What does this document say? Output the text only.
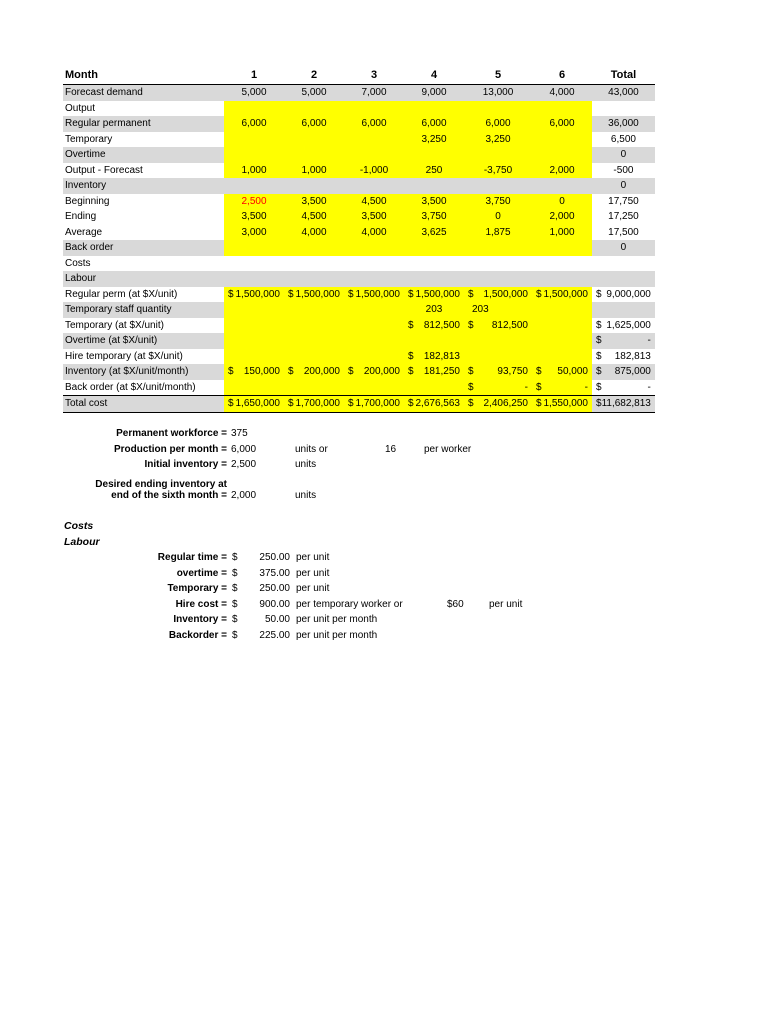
Month	1	2	3	4	5	6	Total
Forecast demand	5,000	5,000	7,000	9,000	13,000	4,000	43,000
Output							
Regular permanent	6,000	6,000	6,000	6,000	6,000	6,000	36,000
Temporary				3,250	3,250		6,500
Overtime							0
Output - Forecast	1,000	1,000	-1,000	250	-3,750	2,000	-500
Inventory							0
Beginning	2,500	3,500	4,500	3,500	3,750	0	17,750
Ending	3,500	4,500	3,500	3,750	0	2,000	17,250
Average	3,000	4,000	4,000	3,625	1,875	1,000	17,500
Back order							0
Costs							
Labour							
Regular perm (at $X/unit)	$ 1,500,000	$ 1,500,000	$ 1,500,000	$ 1,500,000	$ 1,500,000	$ 1,500,000	$ 9,000,000

Temporary staff quantity				203	203		
Temporary (at $X/unit)				$ 812,500	$ 812,500		$ 1,625,000

Overtime (at $X/unit)							$ -

Hire temporary (at $X/unit)				$ 182,813			$ 182,813

Inventory (at $X/unit/month)	$ 150,000	$ 200,000	$ 200,000	$ 181,250	$ 93,750	$ 50,000	$ 875,000

Back order (at $X/unit/month)					$ -	$ -	$ -

Total cost	$ 1,650,000	$ 1,700,000	$ 1,700,000	$ 2,676,563	$ 2,406,250	$ 1,550,000	$ 11,682,813
Permanent workforce = 375
Production per month = 6,000	units or	16	per worker
Initial inventory = 2,500	units
Desired ending inventory at
end of the sixth month = 2,000	units
Costs
Labour
Regular time = $	250.00 per unit
overtime = $	375.00 per unit
Temporary = $	250.00 per unit
Hire cost = $	900.00 per temporary worker or	$60	per unit
Inventory = $	50.00 per unit per month
Backorder = $	225.00 per unit per month
